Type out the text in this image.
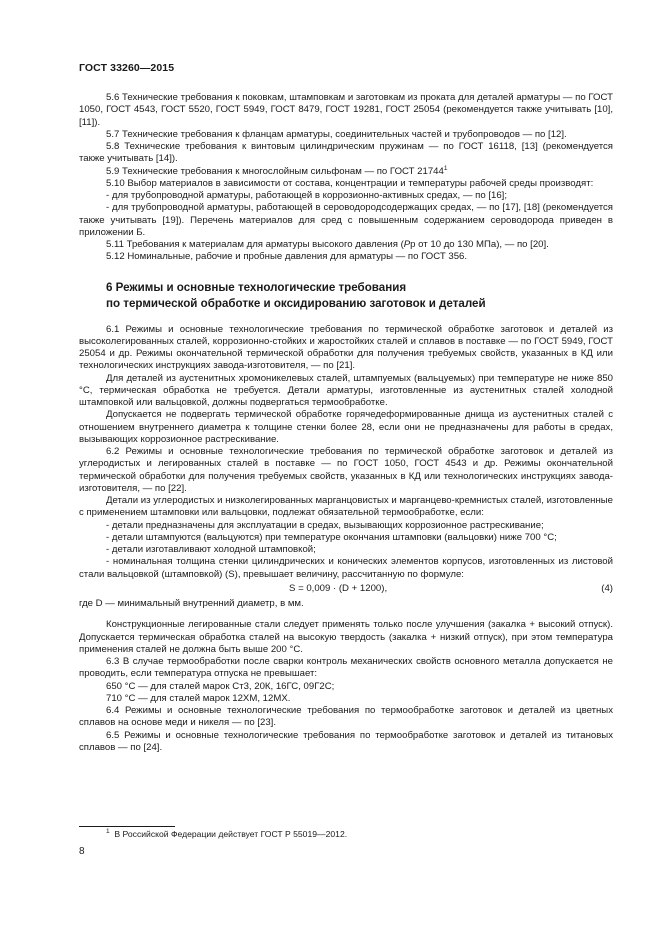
ГОСТ 33260—2015

5.6 Технические требования к поковкам, штамповкам и заготовкам из проката для деталей арматуры — по ГОСТ 1050, ГОСТ 4543, ГОСТ 5520, ГОСТ 5949, ГОСТ 8479, ГОСТ 19281, ГОСТ 25054 (рекомендуется также учитывать [10], [11]).

5.7 Технические требования к фланцам арматуры, соединительных частей и трубопроводов — по [12].

5.8 Технические требования к винтовым цилиндрическим пружинам — по ГОСТ 16118, [13] (рекомендуется также учитывать [14]).

5.9 Технические требования к многослойным сильфонам — по ГОСТ 21744$^1$

5.10 Выбор материалов в зависимости от состава, концентрации и температуры рабочей среды производят:

- для трубопроводной арматуры, работающей в коррозионно-активных средах, — по [16];

- для трубопроводной арматуры, работающей в сероводородсодержащих средах, — по [17], [18] (рекомендуется также учитывать [19]). Перечень материалов для сред с повышенным содержанием сероводорода приведен в приложении Б.

5.11 Требования к материалам для арматуры высокого давления (Pр от 10 до 130 МПа), — по [20].

5.12 Номинальные, рабочие и пробные давления для арматуры — по ГОСТ 356.

6 Режимы и основные технологические требования
по термической обработке и оксидированию заготовок и деталей

6.1 Режимы и основные технологические требования по термической обработке заготовок и деталей из высоколегированных сталей, коррозионно-стойких и жаростойких сталей и сплавов в поставке — по ГОСТ 5949, ГОСТ 25054 и др. Режимы окончательной термической обработки для получения требуемых свойств, указанных в КД или технологических инструкциях завода-изготовителя, — по [21].

Для деталей из аустенитных хромоникелевых сталей, штампуемых (вальцуемых) при температуре не ниже 850 °С, термическая обработка не требуется. Детали арматуры, изготовленные из аустенитных сталей холодной штамповкой или вальцовкой, должны подвергаться термообработке.

Допускается не подвергать термической обработке горячедеформированные днища из аустенитных сталей с отношением внутреннего диаметра к толщине стенки более 28, если они не предназначены для работы в средах, вызывающих коррозионное растрескивание.

6.2 Режимы и основные технологические требования по термической обработке заготовок и деталей из углеродистых и легированных сталей в поставке — по ГОСТ 1050, ГОСТ 4543 и др. Режимы окончательной термической обработки для получения требуемых свойств, указанных в КД или технологических инструкциях завода-изготовителя, — по [22].

Детали из углеродистых и низколегированных марганцовистых и марганцево-кремнистых сталей, изготовленные с применением штамповки или вальцовки, подлежат обязательной термообработке, если:

- детали предназначены для эксплуатации в средах, вызывающих коррозионное растрескивание;

- детали штампуются (вальцуются) при температуре окончания штамповки (вальцовки) ниже 700 °С;

- детали изготавливают холодной штамповкой;

- номинальная толщина стенки цилиндрических и конических элементов корпусов, изготовленных из листовой стали вальцовкой (штамповкой) (S), превышает величину, рассчитанную по формуле:

S = 0,009 · (D + 1200),	(4)

где D — минимальный внутренний диаметр, в мм.

Конструкционные легированные стали следует применять только после улучшения (закалка + высокий отпуск). Допускается термическая обработка сталей на высокую твердость (закалка + низкий отпуск), при этом температура применения сталей не должна быть выше 200 °С.

6.3 В случае термообработки после сварки контроль механических свойств основного металла допускается не проводить, если температура отпуска не превышает:

650 °С — для сталей марок Ст3, 20К, 16ГС, 09Г2С;

710 °С — для сталей марок 12ХМ, 12МХ.

6.4 Режимы и основные технологические требования по термообработке заготовок и деталей из цветных сплавов на основе меди и никеля — по [23].

6.5 Режимы и основные технологические требования по термообработке заготовок и деталей из титановых сплавов — по [24].

$^1$ В Российской Федерации действует ГОСТ Р 55019—2012.
8
